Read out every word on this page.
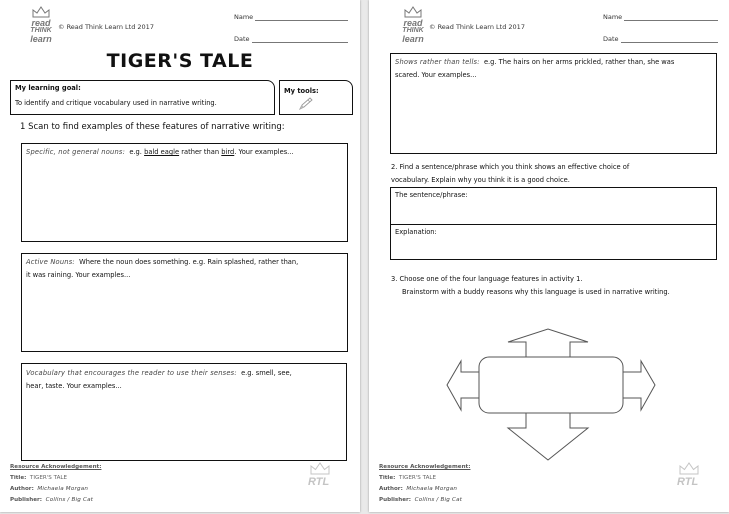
read
THINK
learn
© Read Think Learn Ltd 2017
Name
Date
TIGER'S TALE
My learning goal:
To identify and critique vocabulary used in narrative writing.
My tools:
1 Scan to find examples of these features of narrative writing:
Specific, not general nouns: e.g. bald eagle rather than bird. Your examples...
Active Nouns: Where the noun does something. e.g. Rain splashed, rather than,
it was raining. Your examples...
Vocabulary that encourages the reader to use their senses: e.g. smell, see,
hear, taste. Your examples...
Resource Acknowledgement:
Title: TIGER'S TALE
Author: Michaela Morgan
Publisher: Collins / Big Cat
RTL
read
THINK
learn
© Read Think Learn Ltd 2017
Name
Date
Shows rather than tells: e.g. The hairs on her arms prickled, rather than, she was
scared. Your examples...
2. Find a sentence/phrase which you think shows an effective choice of
vocabulary. Explain why you think it is a good choice.
The sentence/phrase:
Explanation:
3. Choose one of the four language features in activity 1.
Brainstorm with a buddy reasons why this language is used in narrative writing.
Resource Acknowledgement:
Title: TIGER'S TALE
Author: Michaela Morgan
Publisher: Collins / Big Cat
RTL
